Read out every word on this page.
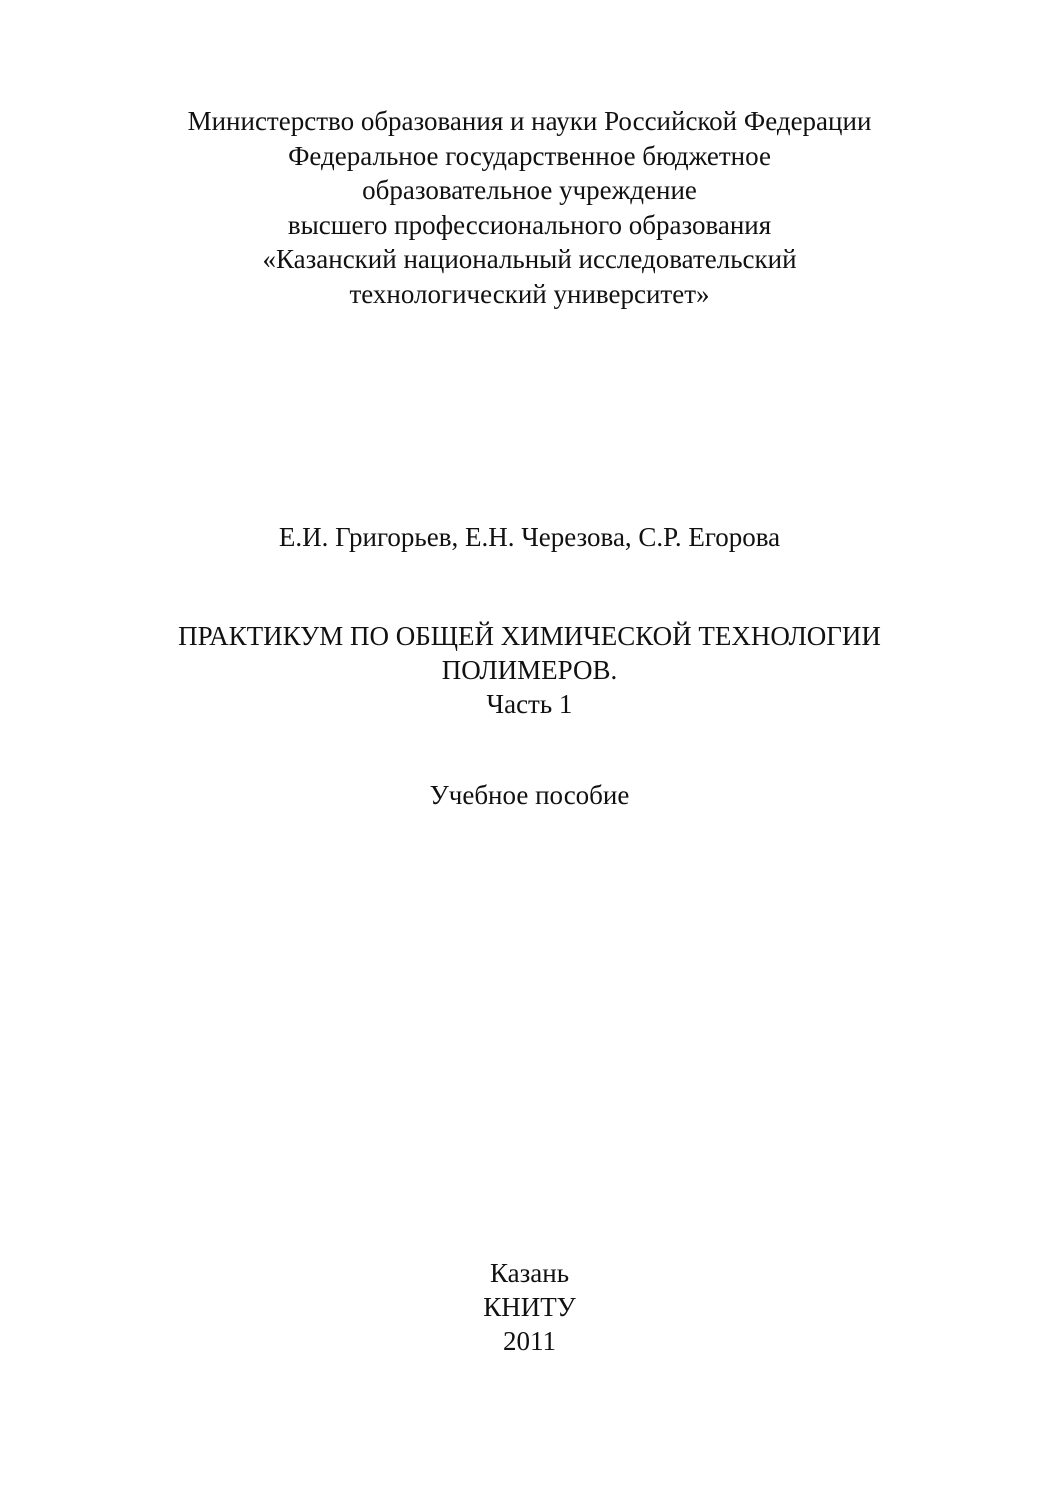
Министерство образования и науки Российской Федерации
Федеральное государственное бюджетное
образовательное учреждение
высшего профессионального образования
«Казанский национальный исследовательский
технологический университет»
Е.И. Григорьев, Е.Н. Черезова, С.Р. Егорова
ПРАКТИКУМ ПО ОБЩЕЙ ХИМИЧЕСКОЙ ТЕХНОЛОГИИ
ПОЛИМЕРОВ.
Часть 1
Учебное пособие
Казань
КНИТУ
2011
